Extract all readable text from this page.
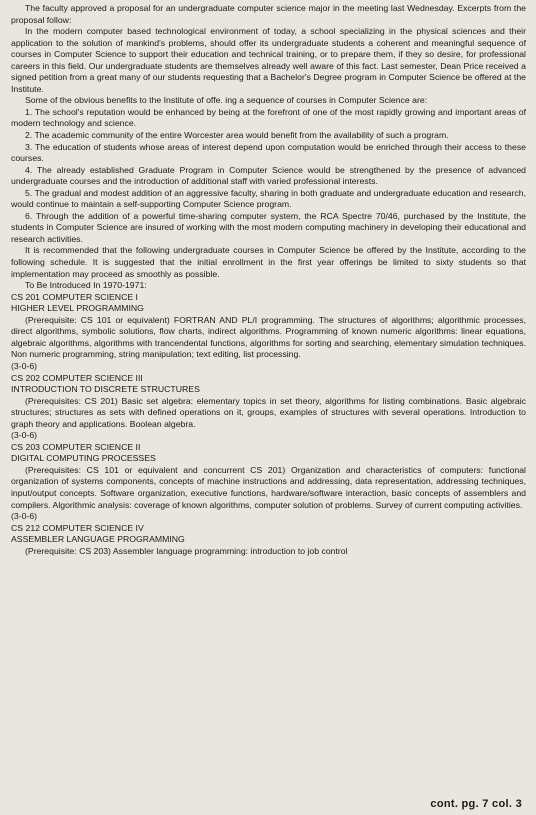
The faculty approved a proposal for an undergraduate computer science major in the meeting last Wednesday. Excerpts from the proposal follow:

In the modern computer based technological environment of today, a school specializing in the physical sciences and their application to the solution of mankind's problems, should offer its undergraduate students a coherent and meaningful sequence of courses in Computer Science to support their education and technical training, or to prepare them, if they so desire, for professional careers in this field. Our undergraduate students are themselves already well aware of this fact. Last semester, Dean Price received a signed petition from a great many of our students requesting that a Bachelor's Degree program in Computer Science be offered at the Institute.

Some of the obvious benefits to the Institute of offe. ing a sequence of courses in Computer Science are:

1. The school's reputation would be enhanced by being at the forefront of one of the most rapidly growing and important areas of modern technology and science.

2. The academic community of the entire Worcester area would benefit from the availability of such a program.

3. The education of students whose areas of interest depend upon computation would be enriched through their access to these courses.

4. The already established Graduate Program in Computer Science would be strengthened by the presence of advanced undergraduate courses and the introduction of additional staff with varied professional interests.

5. The gradual and modest addition of an aggressive faculty, sharing in both graduate and undergraduate education and research, would continue to maintain a self-supporting Computer Science program.

6. Through the addition of a powerful time-sharing computer system, the RCA Spectre 70/46, purchased by the Institute, the students in Computer Science are insured of working with the most modern computing machinery in developing their educational and research activities.

It is recommended that the following undergraduate courses in Computer Science be offered by the Institute, according to the following schedule. It is suggested that the initial enrollment in the first year offerings be limited to sixty students so that implementation may proceed as smoothly as possible.

To Be Introduced In 1970-1971:

CS 201 COMPUTER SCIENCE I

HIGHER LEVEL PROGRAMMING

(Prerequisite: CS 101 or equivalent) FORTRAN AND PL/I programming. The structures of algorithms; algorithmic processes, direct algorithms, symbolic solutions, flow charts, indirect algorithms. Programming of known numeric algorithms: linear equations, algebraic algorithms, algorithms with trancendental functions, algorithms for sorting and searching, elementary simulation techniques. Non numeric programming, string manipulation; text editing, list processing.

(3-0-6)

CS 202 COMPUTER SCIENCE III

INTRODUCTION TO DISCRETE STRUCTURES

(Prerequisites: CS 201) Basic set algebra: elementary topics in set theory, algorithms for listing combinations. Basic algebraic structures; structures as sets with defined operations on it, groups, examples of structures with several operations. Introduction to graph theory and applications. Boolean algebra.

(3-0-6)

CS 203 COMPUTER SCIENCE II

DIGITAL COMPUTING PROCESSES

(Prerequisites: CS 101 or equivalent and concurrent CS 201) Organization and characteristics of computers: functional organization of systems components, concepts of machine instructions and addressing, data representation, addressing techniques, input/output concepts. Software organization, executive functions, hardware/software interaction, basic concepts of assemblers and compilers. Algorithmic analysis: coverage of known algorithms, computer solution of problems. Survey of current computing activities.

(3-0-6)

CS 212 COMPUTER SCIENCE IV

ASSEMBLER LANGUAGE PROGRAMMING

(Prerequisite: CS 203) Assembler language programming: introduction to job control

cont. pg. 7 col. 3
